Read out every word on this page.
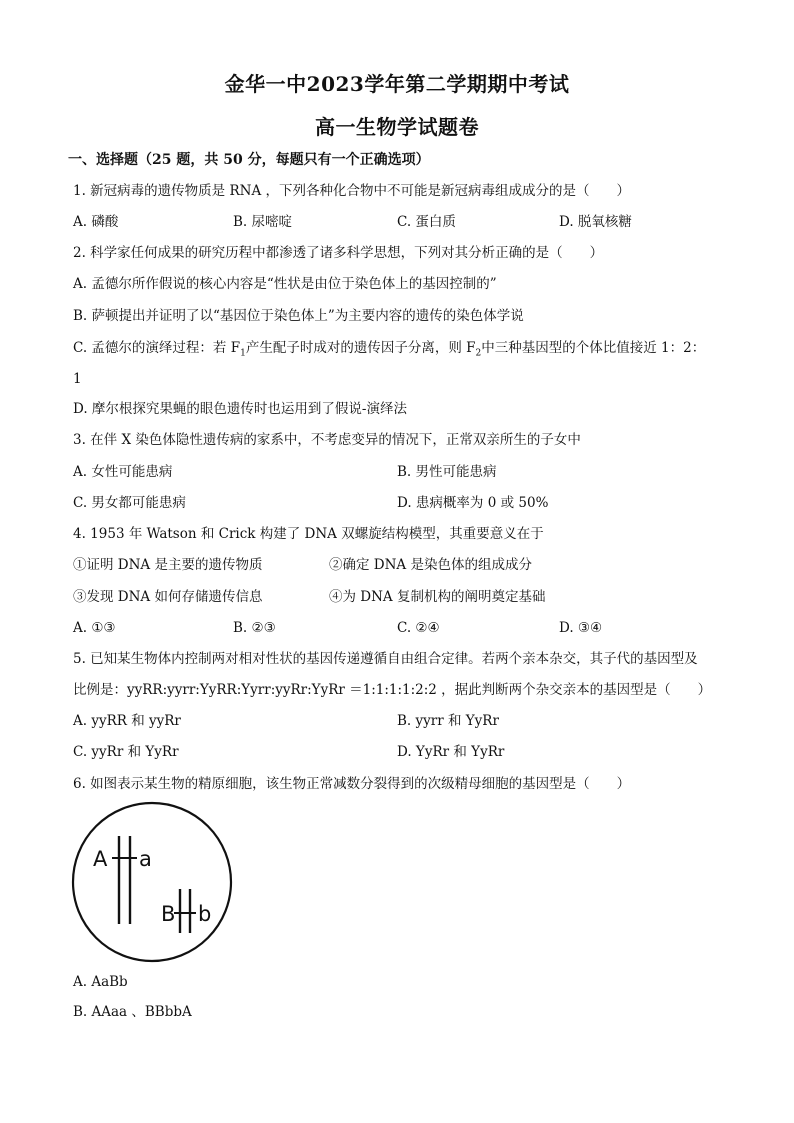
金华一中2023学年第二学期期中考试
高一生物学试题卷
一、选择题（25 题，共 50 分，每题只有一个正确选项）
1. 新冠病毒的遗传物质是 RNA ，下列各种化合物中不可能是新冠病毒组成成分的是（　　）
A. 磷酸	B. 尿嘧啶	C. 蛋白质	D. 脱氧核糖
2. 科学家任何成果的研究历程中都渗透了诸多科学思想，下列对其分析正确的是（　　）
A. 孟德尔所作假说的核心内容是“性状是由位于染色体上的基因控制的”
B. 萨顿提出并证明了以“基因位于染色体上”为主要内容的遗传的染色体学说
C. 孟德尔的演绎过程：若 $F_1$产生配子时成对的遗传因子分离，则 $F_2$中三种基因型的个体比值接近 1：2：
1
D. 摩尔根探究果蝇的眼色遗传时也运用到了假说-演绎法
3. 在伴 X 染色体隐性遗传病的家系中，不考虑变异的情况下，正常双亲所生的子女中
A. 女性可能患病	B. 男性可能患病
C. 男女都可能患病	D. 患病概率为 0 或 50%
4. 1953 年 Watson 和 Crick 构建了 DNA 双螺旋结构模型，其重要意义在于
①证明 DNA 是主要的遗传物质	②确定 DNA 是染色体的组成成分
③发现 DNA 如何存储遗传信息	④为 DNA 复制机构的阐明奠定基础
A. ①③	B. ②③	C. ②④	D. ③④
5. 已知某生物体内控制两对相对性状的基因传递遵循自由组合定律。若两个亲本杂交，其子代的基因型及
比例是：yyRR:yyrr:YyRR:Yyrr:yyRr:YyRr ＝1:1:1:1:2:2 ，据此判断两个杂交亲本的基因型是（　　）
A. yyRR 和 yyRr	B. yyrr 和 YyRr
C. yyRr 和 YyRr	D. YyRr 和 YyRr
6. 如图表示某生物的精原细胞，该生物正常减数分裂得到的次级精母细胞的基因型是（　　）
A a
B b
A. AaBb
B. AAaa 、BBbbA
